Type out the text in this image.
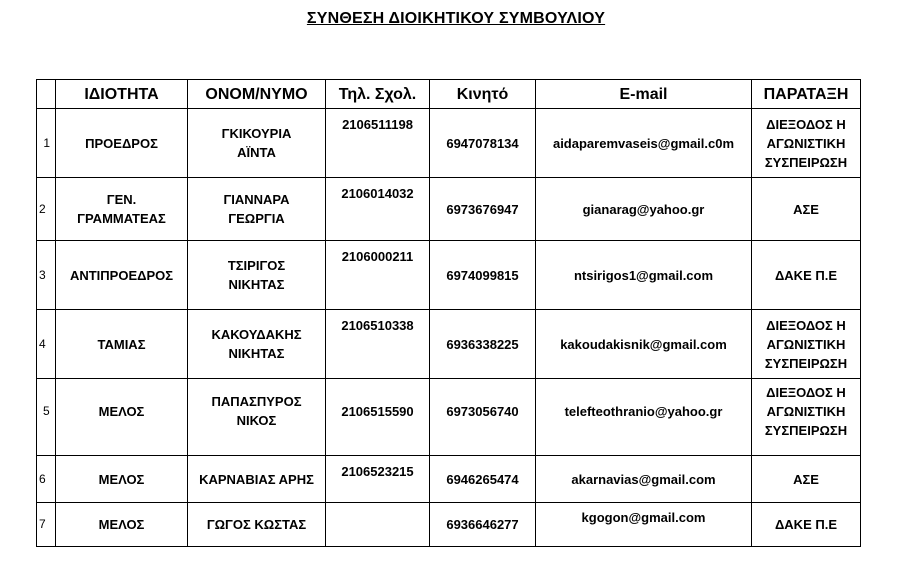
ΣΥΝΘΕΣΗ ΔΙΟΙΚΗΤΙΚΟΥ ΣΥΜΒΟΥΛΙΟΥ
	ΙΔΙΟΤΗΤΑ	ΟΝΟΜ/ΝΥΜΟ	Τηλ. Σχολ.	Κινητό	E-mail	ΠΑΡΑΤΑΞΗ

1	ΠΡΟΕΔΡΟΣ	ΓΚΙΚΟΥΡΙΑ
ΑΪΝΤΑ	2106511198	6947078134	aidaparemvaseis@gmail.c0m	ΔΙΕΞΟΔΟΣ Η
ΑΓΩΝΙΣΤΙΚΗ
ΣΥΣΠΕΙΡΩΣΗ
2	ΓΕΝ.
ΓΡΑΜΜΑΤΕΑΣ	ΓΙΑΝΝΑΡΑ
ΓΕΩΡΓΙΑ	2106014032	6973676947	gianarag@yahoo.gr	ΑΣΕ
3	ΑΝΤΙΠΡΟΕΔΡΟΣ	ΤΣΙΡΙΓΟΣ
ΝΙΚΗΤΑΣ	2106000211	6974099815	ntsirigos1@gmail.com	ΔΑΚΕ Π.Ε
4	ΤΑΜΙΑΣ	ΚΑΚΟΥΔΑΚΗΣ
ΝΙΚΗΤΑΣ	2106510338	6936338225	kakoudakisnik@gmail.com	ΔΙΕΞΟΔΟΣ Η
ΑΓΩΝΙΣΤΙΚΗ
ΣΥΣΠΕΙΡΩΣΗ

5	ΜΕΛΟΣ	ΠΑΠΑΣΠΥΡΟΣ
ΝΙΚΟΣ	2106515590	6973056740	telefteothranio@yahoo.gr	ΔΙΕΞΟΔΟΣ Η
ΑΓΩΝΙΣΤΙΚΗ
ΣΥΣΠΕΙΡΩΣΗ
6	ΜΕΛΟΣ	ΚΑΡΝΑΒΙΑΣ ΑΡΗΣ	2106523215	6946265474	akarnavias@gmail.com	ΑΣΕ
7	ΜΕΛΟΣ	ΓΩΓΟΣ ΚΩΣΤΑΣ		6936646277	kgogon@gmail.com	ΔΑΚΕ Π.Ε
